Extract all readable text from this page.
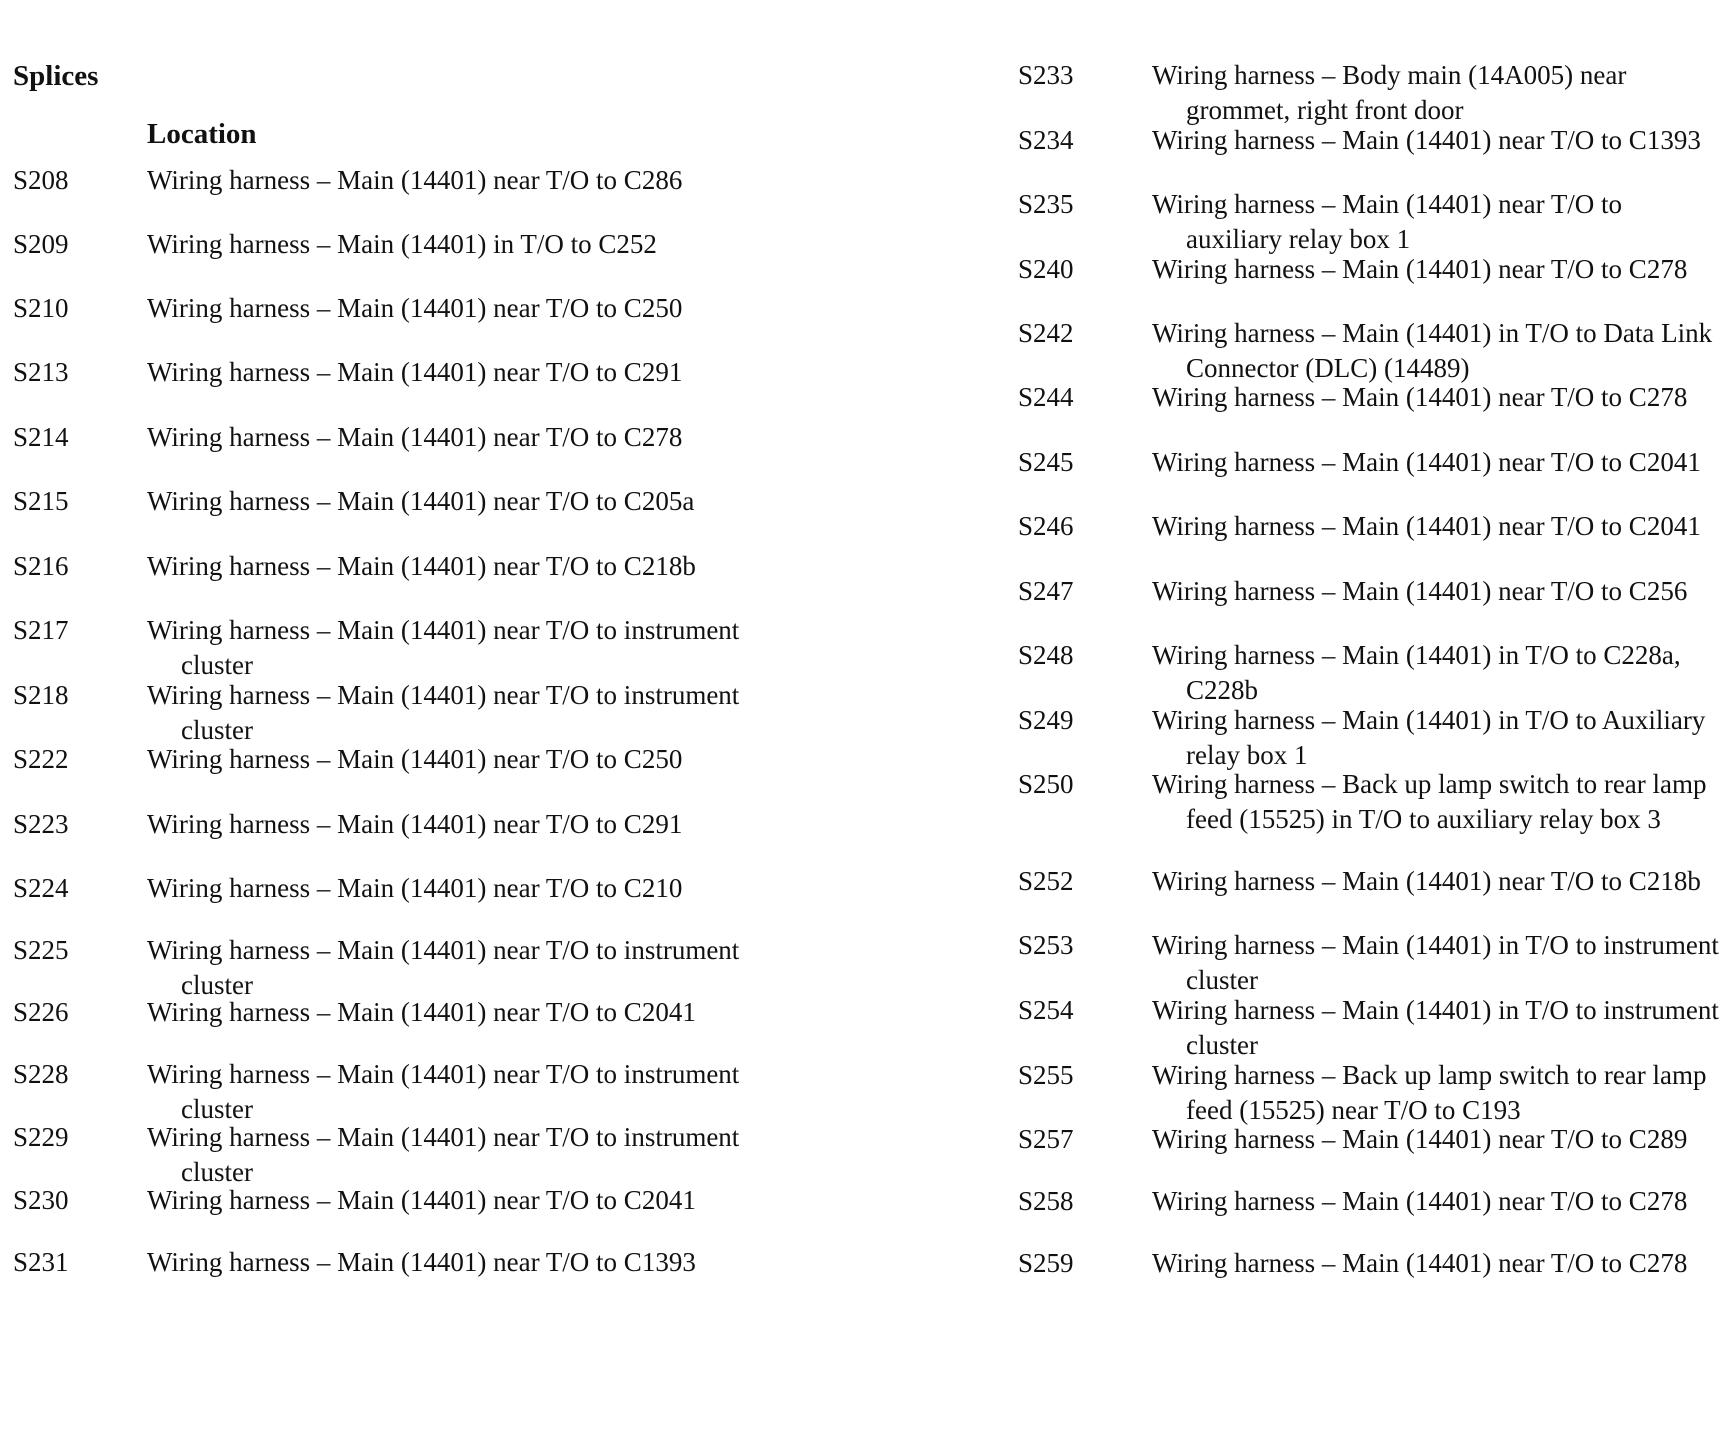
Splices
Location
S208	Wiring harness – Main (14401) near T/O to C286
S209	Wiring harness – Main (14401) in T/O to C252
S210	Wiring harness – Main (14401) near T/O to C250
S213	Wiring harness – Main (14401) near T/O to C291
S214	Wiring harness – Main (14401) near T/O to C278
S215	Wiring harness – Main (14401) near T/O to C205a
S216	Wiring harness – Main (14401) near T/O to C218b
S217	Wiring harness – Main (14401) near T/O to instrument cluster
S218	Wiring harness – Main (14401) near T/O to instrument cluster
S222	Wiring harness – Main (14401) near T/O to C250
S223	Wiring harness – Main (14401) near T/O to C291
S224	Wiring harness – Main (14401) near T/O to C210
S225	Wiring harness – Main (14401) near T/O to instrument cluster
S226	Wiring harness – Main (14401) near T/O to C2041
S228	Wiring harness – Main (14401) near T/O to instrument cluster
S229	Wiring harness – Main (14401) near T/O to instrument cluster
S230	Wiring harness – Main (14401) near T/O to C2041
S231	Wiring harness – Main (14401) near T/O to C1393
S233	Wiring harness – Body main (14A005) near grommet, right front door
S234	Wiring harness – Main (14401) near T/O to C1393
S235	Wiring harness – Main (14401) near T/O to auxiliary relay box 1
S240	Wiring harness – Main (14401) near T/O to C278
S242	Wiring harness – Main (14401) in T/O to Data Link Connector (DLC) (14489)
S244	Wiring harness – Main (14401) near T/O to C278
S245	Wiring harness – Main (14401) near T/O to C2041
S246	Wiring harness – Main (14401) near T/O to C2041
S247	Wiring harness – Main (14401) near T/O to C256
S248	Wiring harness – Main (14401) in T/O to C228a, C228b
S249	Wiring harness – Main (14401) in T/O to Auxiliary relay box 1
S250	Wiring harness – Back up lamp switch to rear lamp feed (15525) in T/O to auxiliary relay box 3
S252	Wiring harness – Main (14401) near T/O to C218b
S253	Wiring harness – Main (14401) in T/O to instrument cluster
S254	Wiring harness – Main (14401) in T/O to instrument cluster
S255	Wiring harness – Back up lamp switch to rear lamp feed (15525) near T/O to C193
S257	Wiring harness – Main (14401) near T/O to C289
S258	Wiring harness – Main (14401) near T/O to C278
S259	Wiring harness – Main (14401) near T/O to C278
